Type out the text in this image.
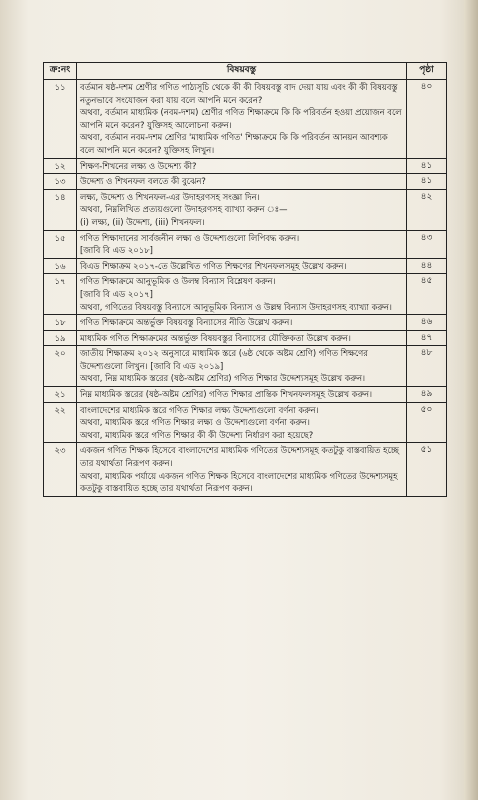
ক্র:নং	বিষয়বস্তু	পৃষ্ঠা
১১	বর্তমান ষষ্ঠ-দশম শ্রেণীর গণিত পাঠ্যসূচি থেকে কী কী বিষয়বস্তু বাদ দেয়া যায় এবং কী কী বিষয়বস্তু নতুনভাবে সংযোজন করা যায় বলে আপনি মনে করেন?
অথবা, বর্তমান মাধ্যমিক (নবম-দশম) শ্রেণীর গণিত শিক্ষাক্রমে কি কি পরিবর্তন হওয়া প্রয়োজন বলে আপনি মনে করেন? যুক্তিসহ আলোচনা করুন।
অথবা, বর্তমান নবম-দশম শ্রেণির 'মাধ্যমিক গণিত' শিক্ষাক্রমে কি কি পরিবর্তন আনয়ন আবশ্যক বলে আপনি মনে করেন? যুক্তিসহ লিখুন।	৪০
১২	শিক্ষণ-শিখনের লক্ষ্য ও উদ্দেশ্য কী?	৪১
১৩	উদ্দেশ্য ও শিখনফল বলতে কী বুঝেন?	৪১
১৪	লক্ষ্য, উদ্দেশ্য ও শিখনফল-এর উদাহরণসহ সংজ্ঞা দিন।
অথবা, নিম্নলিখিত প্রত্যয়গুলো উদাহরণসহ ব্যাখ্যা করুন ঃ—
(i) লক্ষ্য, (ii) উদ্দেশ্য, (iii) শিখনফল।	৪২
১৫	গণিত শিক্ষাদানের সার্বজনীন লক্ষ্য ও উদ্দেশ্যগুলো লিপিবদ্ধ করুন।
[জাবি বি এড ২০১৮]	৪৩
১৬	বিএড শিক্ষাক্রম ২০১৭-তে উল্লেখিত গণিত শিক্ষণের শিখনফলসমূহ উল্লেখ করুন।	৪৪
১৭	গণিত শিক্ষাক্রমে আনুভূমিক ও উলম্ব বিন্যাস বিশ্লেষণ করুন।
[জাবি বি এড ২০১৭]
অথবা, গণিতের বিষয়বস্তু বিন্যাসে আনুভূমিক বিন্যাস ও উল্লম্ব বিন্যাস উদাহরণসহ ব্যাখ্যা করুন।	৪৫
১৮	গণিত শিক্ষাক্রমে অন্তর্ভুক্ত বিষয়বস্তু বিন্যাসের নীতি উল্লেখ করুন।	৪৬
১৯	মাধ্যমিক গণিত শিক্ষাক্রমের অন্তর্ভুক্ত বিষয়বস্তুর বিন্যাসের যৌক্তিকতা উল্লেখ করুন।	৪৭
২০	জাতীয় শিক্ষাক্রম ২০১২ অনুসারে মাধ্যমিক স্তরে (৬ষ্ঠ থেকে অষ্টম শ্রেণি) গণিত শিক্ষণের উদ্দেশ্যগুলো লিখুন। [জাবি বি এড ২০১৯]
অথবা, নিম্ন মাধ্যমিক স্তরের (ষষ্ঠ-অষ্টম শ্রেণির) গণিত শিক্ষার উদ্দেশ্যসমূহ উল্লেখ করুন।	৪৮
২১	নিম্ন মাধ্যমিক স্তরের (ষষ্ঠ-অষ্টম শ্রেণির) গণিত শিক্ষার প্রান্তিক শিখনফলসমূহ উল্লেখ করুন।	৪৯
২২	বাংলাদেশের মাধ্যমিক স্তরে গণিত শিক্ষার লক্ষ্য উদ্দেশ্যগুলো বর্ণনা করুন।
অথবা, মাধ্যমিক স্তরে গণিত শিক্ষার লক্ষ্য ও উদ্দেশ্যগুলো বর্ণনা করুন।
অথবা, মাধ্যমিক স্তরে গণিত শিক্ষার কী কী উদ্দেশ্য নির্ধারণ করা হয়েছে?	৫০
২৩	একজন গণিত শিক্ষক হিসেবে বাংলাদেশের মাধ্যমিক গণিতের উদ্দেশ্যসমূহ কতটুকু বাস্তবায়িত হচ্ছে তার যথার্থতা নিরূপণ করুন।
অথবা, মাধ্যমিক পর্যায়ে একজন গণিত শিক্ষক হিসেবে বাংলাদেশের মাধ্যমিক গণিতের উদ্দেশ্যসমূহ কতটুকু বাস্তবায়িত হচ্ছে তার যথার্থতা নিরূপণ করুন।	৫১
